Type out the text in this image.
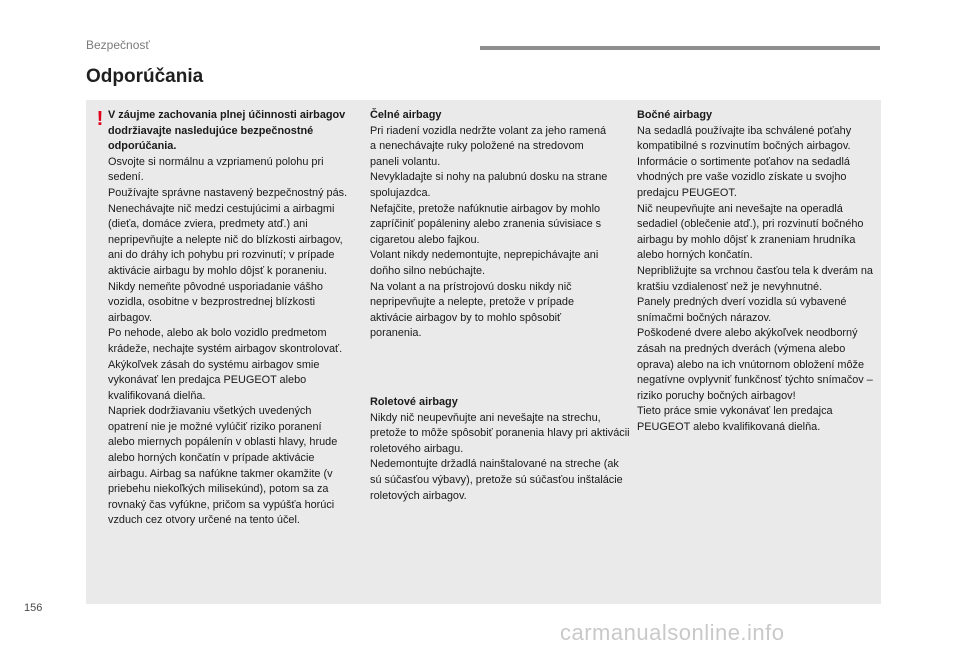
Bezpečnosť
Odporúčania
! V záujme zachovania plnej účinnosti airbagov dodržiavajte nasledujúce bezpečnostné odporúčania.

Osvojte si normálnu a vzpriamenú polohu pri sedení.

Používajte správne nastavený bezpečnostný pás.

Nenechávajte nič medzi cestujúcimi a airbagmi (dieťa, domáce zviera, predmety atď.) ani nepripevňujte a nelepte nič do blízkosti airbagov, ani do dráhy ich pohybu pri rozvinutí; v prípade aktivácie airbagu by mohlo dôjsť k poraneniu.

Nikdy nemeňte pôvodné usporiadanie vášho vozidla, osobitne v bezprostrednej blízkosti airbagov.

Po nehode, alebo ak bolo vozidlo predmetom krádeže, nechajte systém airbagov skontrolovať.

Akýkoľvek zásah do systému airbagov smie vykonávať len predajca PEUGEOT alebo kvalifikovaná dielňa.

Napriek dodržiavaniu všetkých uvedených opatrení nie je možné vylúčiť riziko poranení alebo miernych popálenín v oblasti hlavy, hrude alebo horných končatín v prípade aktivácie airbagu. Airbag sa nafúkne takmer okamžite (v priebehu niekoľkých milisekúnd), potom sa za rovnaký čas vyfúkne, pričom sa vypúšťa horúci vzduch cez otvory určené na tento účel.

Čelné airbagy

Pri riadení vozidla nedržte volant za jeho ramená a nenechávajte ruky položené na stredovom paneli volantu.

Nevykladajte si nohy na palubnú dosku na strane spolujazdca.

Nefajčite, pretože nafúknutie airbagov by mohlo zapríčiniť popáleniny alebo zranenia súvisiace s cigaretou alebo fajkou.

Volant nikdy nedemontujte, neprepichávajte ani doňho silno nebúchajte.

Na volant a na prístrojovú dosku nikdy nič nepripevňujte a nelepte, pretože v prípade aktivácie airbagov by to mohlo spôsobiť poranenia.

Roletové airbagy

Nikdy nič neupevňujte ani nevešajte na strechu, pretože to môže spôsobiť poranenia hlavy pri aktivácii roletového airbagu.

Nedemontujte držadlá nainštalované na streche (ak sú súčasťou výbavy), pretože sú súčasťou inštalácie roletových airbagov.

Bočné airbagy

Na sedadlá používajte iba schválené poťahy kompatibilné s rozvinutím bočných airbagov. Informácie o sortimente poťahov na sedadlá vhodných pre vaše vozidlo získate u svojho predajcu PEUGEOT.

Nič neupevňujte ani nevešajte na operadlá sedadiel (oblečenie atď.), pri rozvinutí bočného airbagu by mohlo dôjsť k zraneniam hrudníka alebo horných končatín.

Nepribližujte sa vrchnou časťou tela k dverám na kratšiu vzdialenosť než je nevyhnutné.

Panely predných dverí vozidla sú vybavené snímačmi bočných nárazov.

Poškodené dvere alebo akýkoľvek neodborný zásah na predných dverách (výmena alebo oprava) alebo na ich vnútornom obložení môže negatívne ovplyvniť funkčnosť týchto snímačov – riziko poruchy bočných airbagov!

Tieto práce smie vykonávať len predajca PEUGEOT alebo kvalifikovaná dielňa.

156
carmanualsonline.info
